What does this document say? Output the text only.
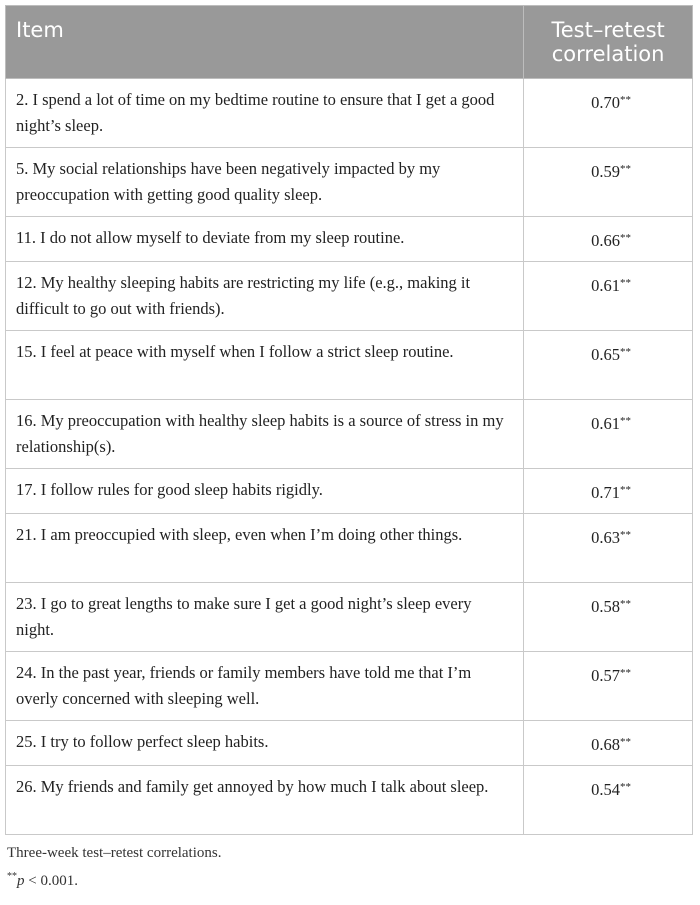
Item	Test–retest correlation

2. I spend a lot of time on my bedtime routine to ensure that I get a good night’s sleep.	0.70**

5. My social relationships have been negatively impacted by my preoccupation with getting good quality sleep.	0.59**

11. I do not allow myself to deviate from my sleep routine.	0.66**

12. My healthy sleeping habits are restricting my life (e.g., making it difficult to go out with friends).	0.61**

15. I feel at peace with myself when I follow a strict sleep routine.	0.65**

16. My preoccupation with healthy sleep habits is a source of stress in my relationship(s).	0.61**

17. I follow rules for good sleep habits rigidly.	0.71**

21. I am preoccupied with sleep, even when I’m doing other things.	0.63**

23. I go to great lengths to make sure I get a good night’s sleep every night.	0.58**

24. In the past year, friends or family members have told me that I’m overly concerned with sleeping well.	0.57**

25. I try to follow perfect sleep habits.	0.68**

26. My friends and family get annoyed by how much I talk about sleep.	0.54**
Three-week test–retest correlations.
**p < 0.001.
